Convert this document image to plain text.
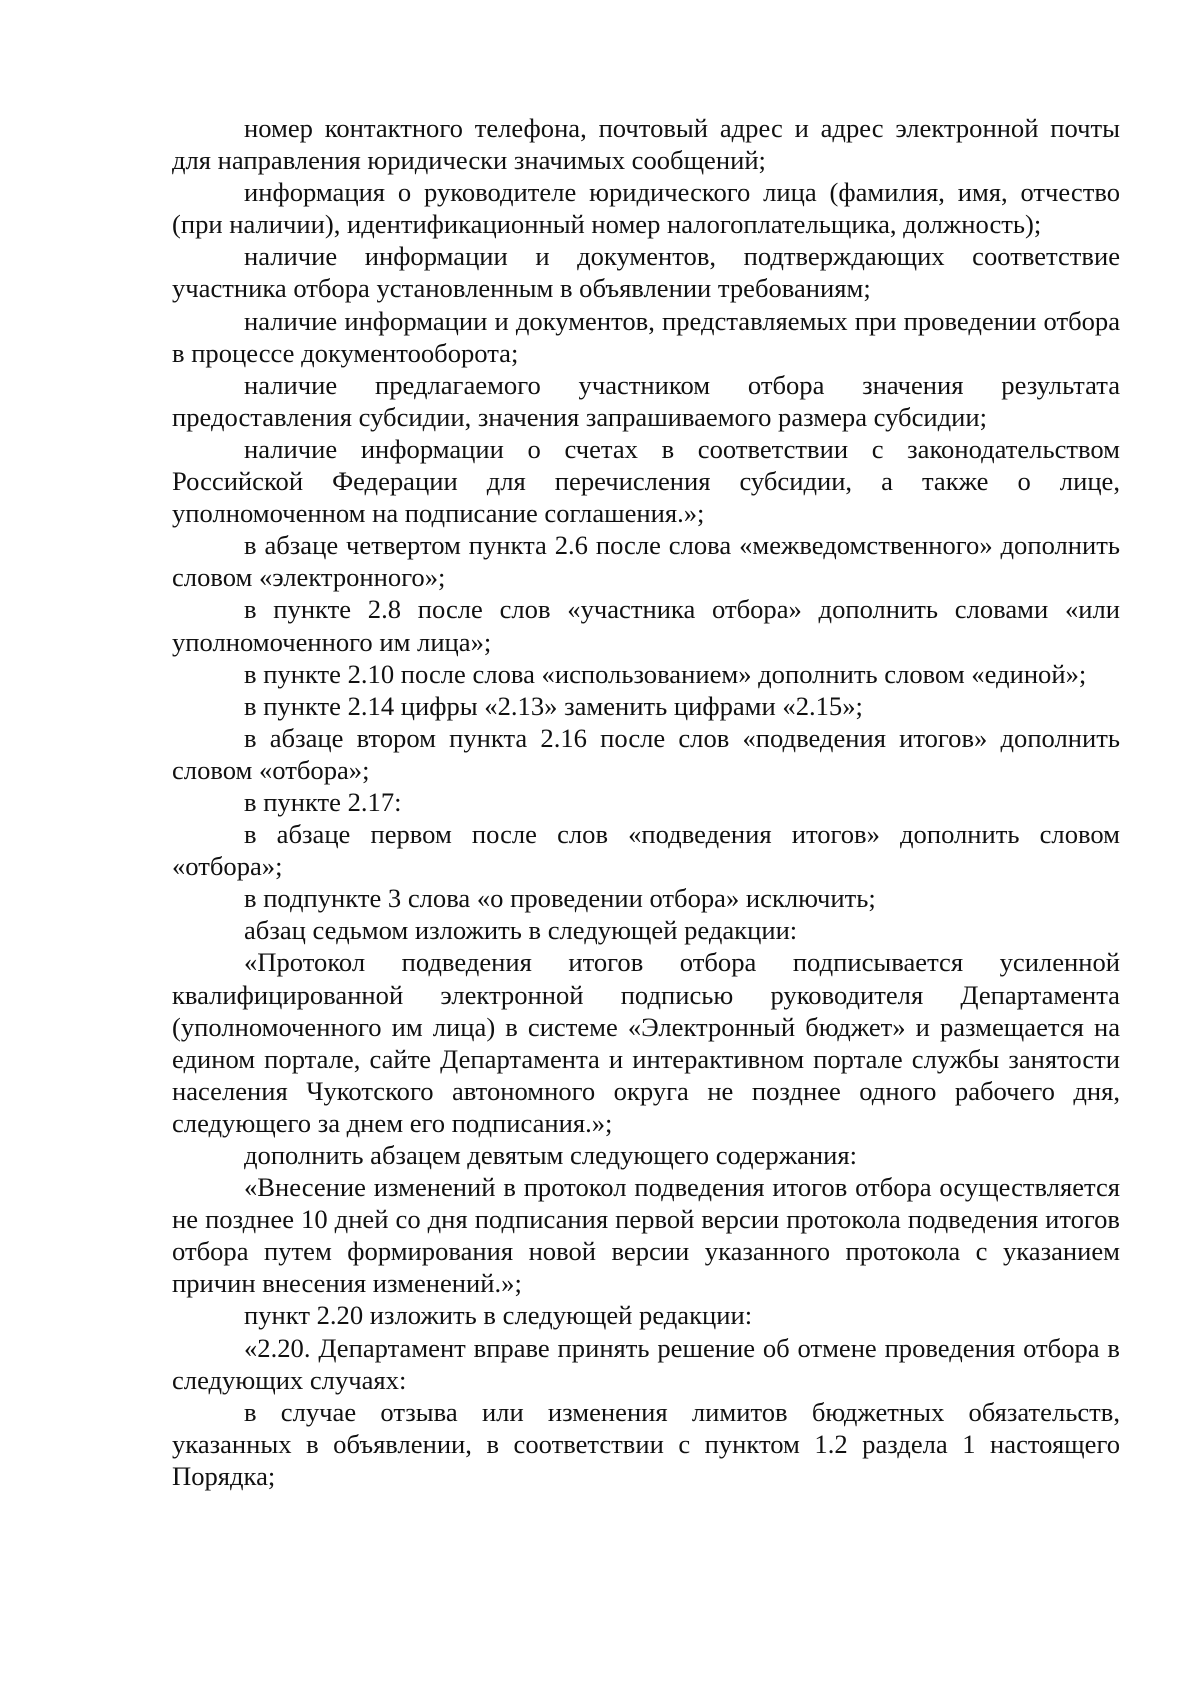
номер контактного телефона, почтовый адрес и адрес электронной почты для направления юридически значимых сообщений;

информация о руководителе юридического лица (фамилия, имя, отчество (при наличии), идентификационный номер налогоплательщика, должность);

наличие информации и документов, подтверждающих соответствие участника отбора установленным в объявлении требованиям;

наличие информации и документов, представляемых при проведении отбора в процессе документооборота;

наличие предлагаемого участником отбора значения результата предоставления субсидии, значения запрашиваемого размера субсидии;

наличие информации о счетах в соответствии с законодательством Российской Федерации для перечисления субсидии, а также о лице, уполномоченном на подписание соглашения.»;

в абзаце четвертом пункта 2.6 после слова «межведомственного» дополнить словом «электронного»;

в пункте 2.8 после слов «участника отбора» дополнить словами «или уполномоченного им лица»;

в пункте 2.10 после слова «использованием» дополнить словом «единой»;

в пункте 2.14 цифры «2.13» заменить цифрами «2.15»;

в абзаце втором пункта 2.16 после слов «подведения итогов» дополнить словом «отбора»;

в пункте 2.17:

в абзаце первом после слов «подведения итогов» дополнить словом «отбора»;

в подпункте 3 слова «о проведении отбора» исключить;

абзац седьмом изложить в следующей редакции:

«Протокол подведения итогов отбора подписывается усиленной квалифицированной электронной подписью руководителя Департамента (уполномоченного им лица) в системе «Электронный бюджет» и размещается на едином портале, сайте Департамента и интерактивном портале службы занятости населения Чукотского автономного округа не позднее одного рабочего дня, следующего за днем его подписания.»;

дополнить абзацем девятым следующего содержания:

«Внесение изменений в протокол подведения итогов отбора осуществляется не позднее 10 дней со дня подписания первой версии протокола подведения итогов отбора путем формирования новой версии указанного протокола с указанием причин внесения изменений.»;

пункт 2.20 изложить в следующей редакции:

«2.20. Департамент вправе принять решение об отмене проведения отбора в следующих случаях:

в случае отзыва или изменения лимитов бюджетных обязательств, указанных в объявлении, в соответствии с пунктом 1.2 раздела 1 настоящего Порядка;
